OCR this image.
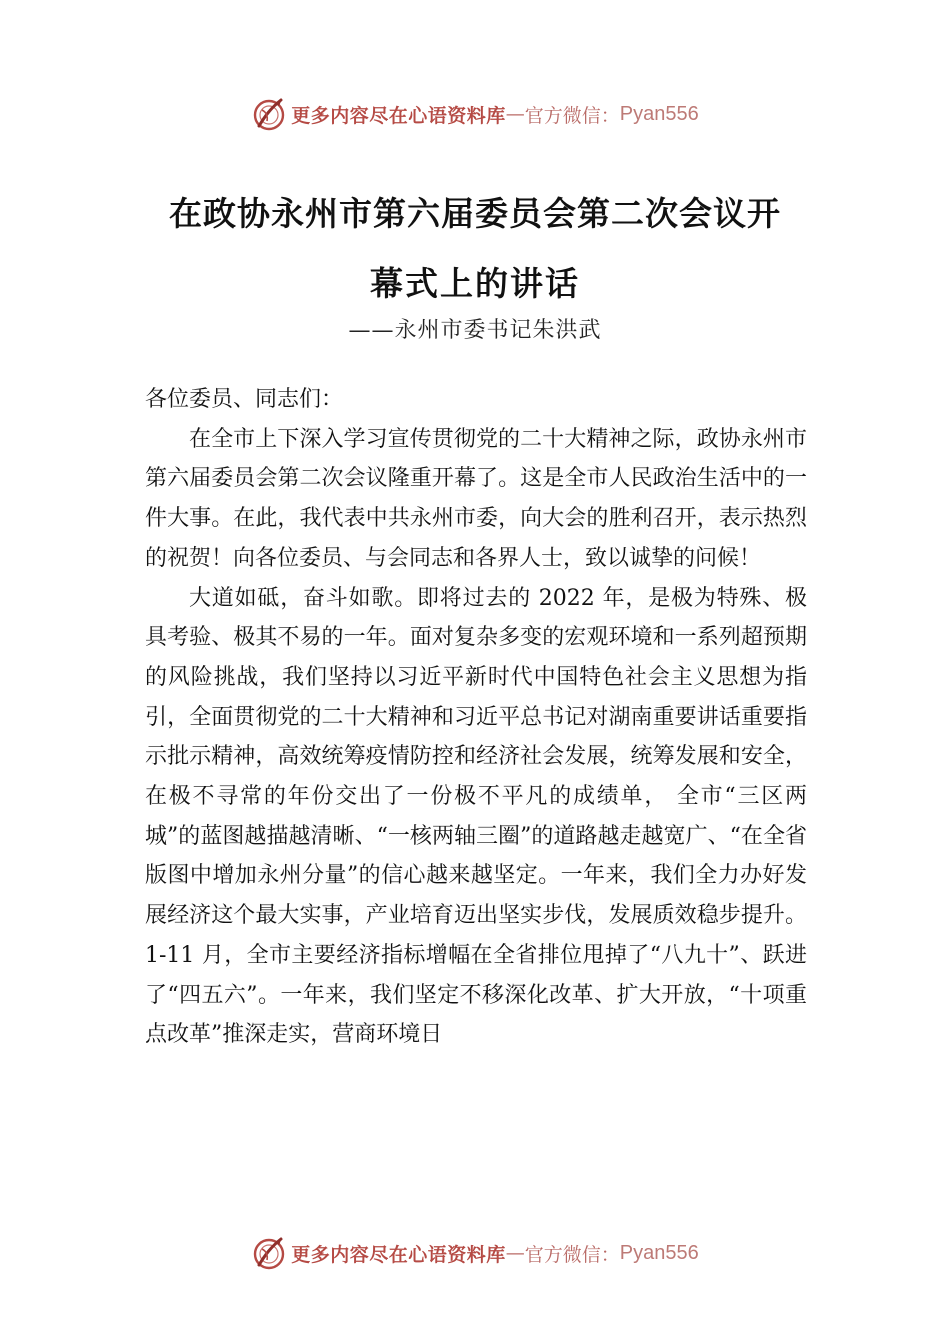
更多内容尽在心语资料库 — 官方微信： Pyan556
在政协永州市第六届委员会第二次会议开
幕式上的讲话
——永州市委书记朱洪武

各位委员、同志们：

在全市上下深入学习宣传贯彻党的二十大精神之际，政协永州市第六届委员会第二次会议隆重开幕了。这是全市人民政治生活中的一件大事。在此，我代表中共永州市委，向大会的胜利召开，表示热烈的祝贺！向各位委员、与会同志和各界人士，致以诚挚的问候！

大道如砥，奋斗如歌。即将过去的 2022 年，是极为特殊、极具考验、极其不易的一年。面对复杂多变的宏观环境和一系列超预期的风险挑战，我们坚持以习近平新时代中国特色社会主义思想为指引，全面贯彻党的二十大精神和习近平总书记对湖南重要讲话重要指示批示精神，高效统筹疫情防控和经济社会发展，统筹发展和安全，在极不寻常的年份交出了一份极不平凡的成绩单， 全市“三区两城”的蓝图越描越清晰、“一核两轴三圈”的道路越走越宽广、“在全省版图中增加永州分量”的信心越来越坚定。一年来，我们全力办好发展经济这个最大实事，产业培育迈出坚实步伐，发展质效稳步提升。1-11 月，全市主要经济指标增幅在全省排位甩掉了“八九十”、跃进了“四五六”。一年来，我们坚定不移深化改革、扩大开放，“十项重点改革”推深走实，营商环境日

更多内容尽在心语资料库 — 官方微信： Pyan556
